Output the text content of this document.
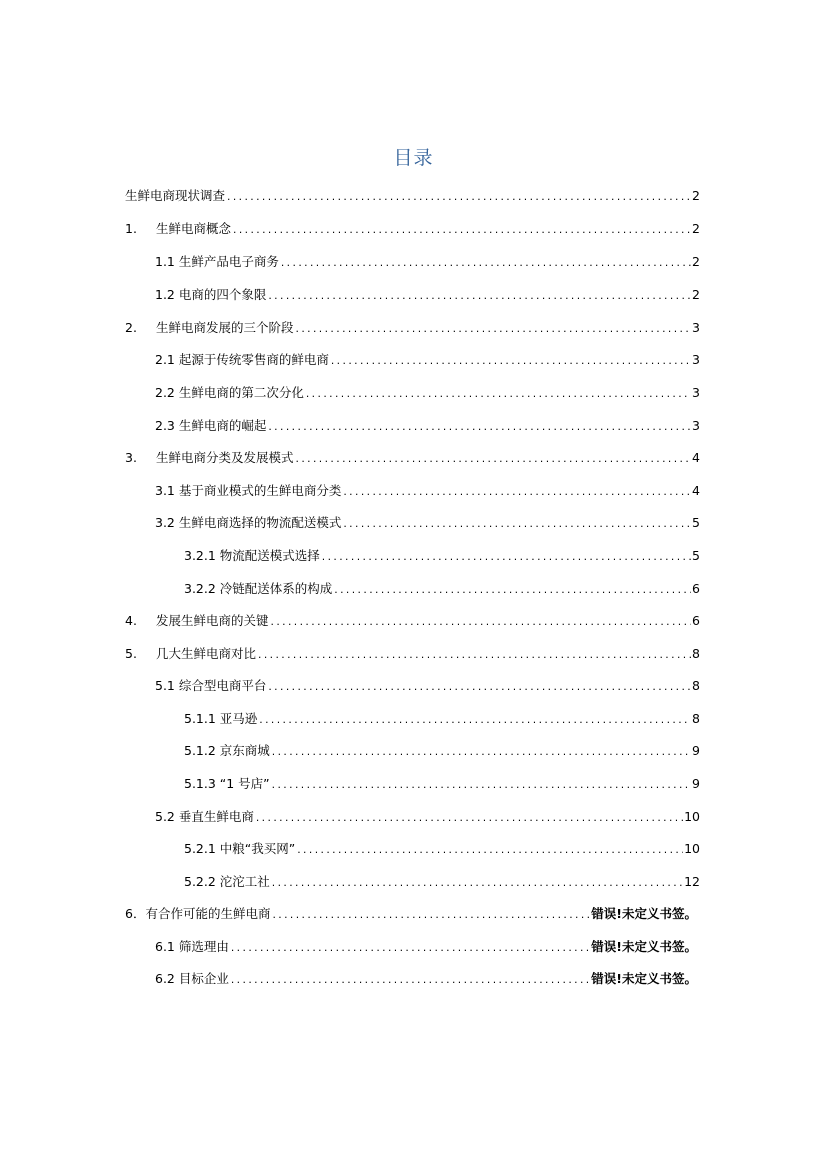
目录
生鲜电商现状调查 .....	2
1.	生鲜电商概念 .....	2
1.1 生鲜产品电子商务 .....	2
1.2 电商的四个象限 .....	2
2.	生鲜电商发展的三个阶段 .....	3
2.1 起源于传统零售商的鲜电商 .....	3
2.2 生鲜电商的第二次分化 .....	3
2.3 生鲜电商的崛起 .....	3
3.	生鲜电商分类及发展模式 .....	4
3.1 基于商业模式的生鲜电商分类 .....	4
3.2 生鲜电商选择的物流配送模式 .....	5
3.2.1 物流配送模式选择 .....	5
3.2.2 冷链配送体系的构成 .....	6
4.	发展生鲜电商的关键 .....	6
5.	几大生鲜电商对比 .....	8
5.1 综合型电商平台 .....	8
5.1.1 亚马逊 .....	8
5.1.2 京东商城 .....	9
5.1.3 “1 号店” .....	9
5.2 垂直生鲜电商 .....	10
5.2.1 中粮“我买网” .....	10
5.2.2 沱沱工社 .....	12
6．有合作可能的生鲜电商 .....	错误!未定义书签。
6.1 筛选理由 .....	错误!未定义书签。
6.2 目标企业 .....	错误!未定义书签。
